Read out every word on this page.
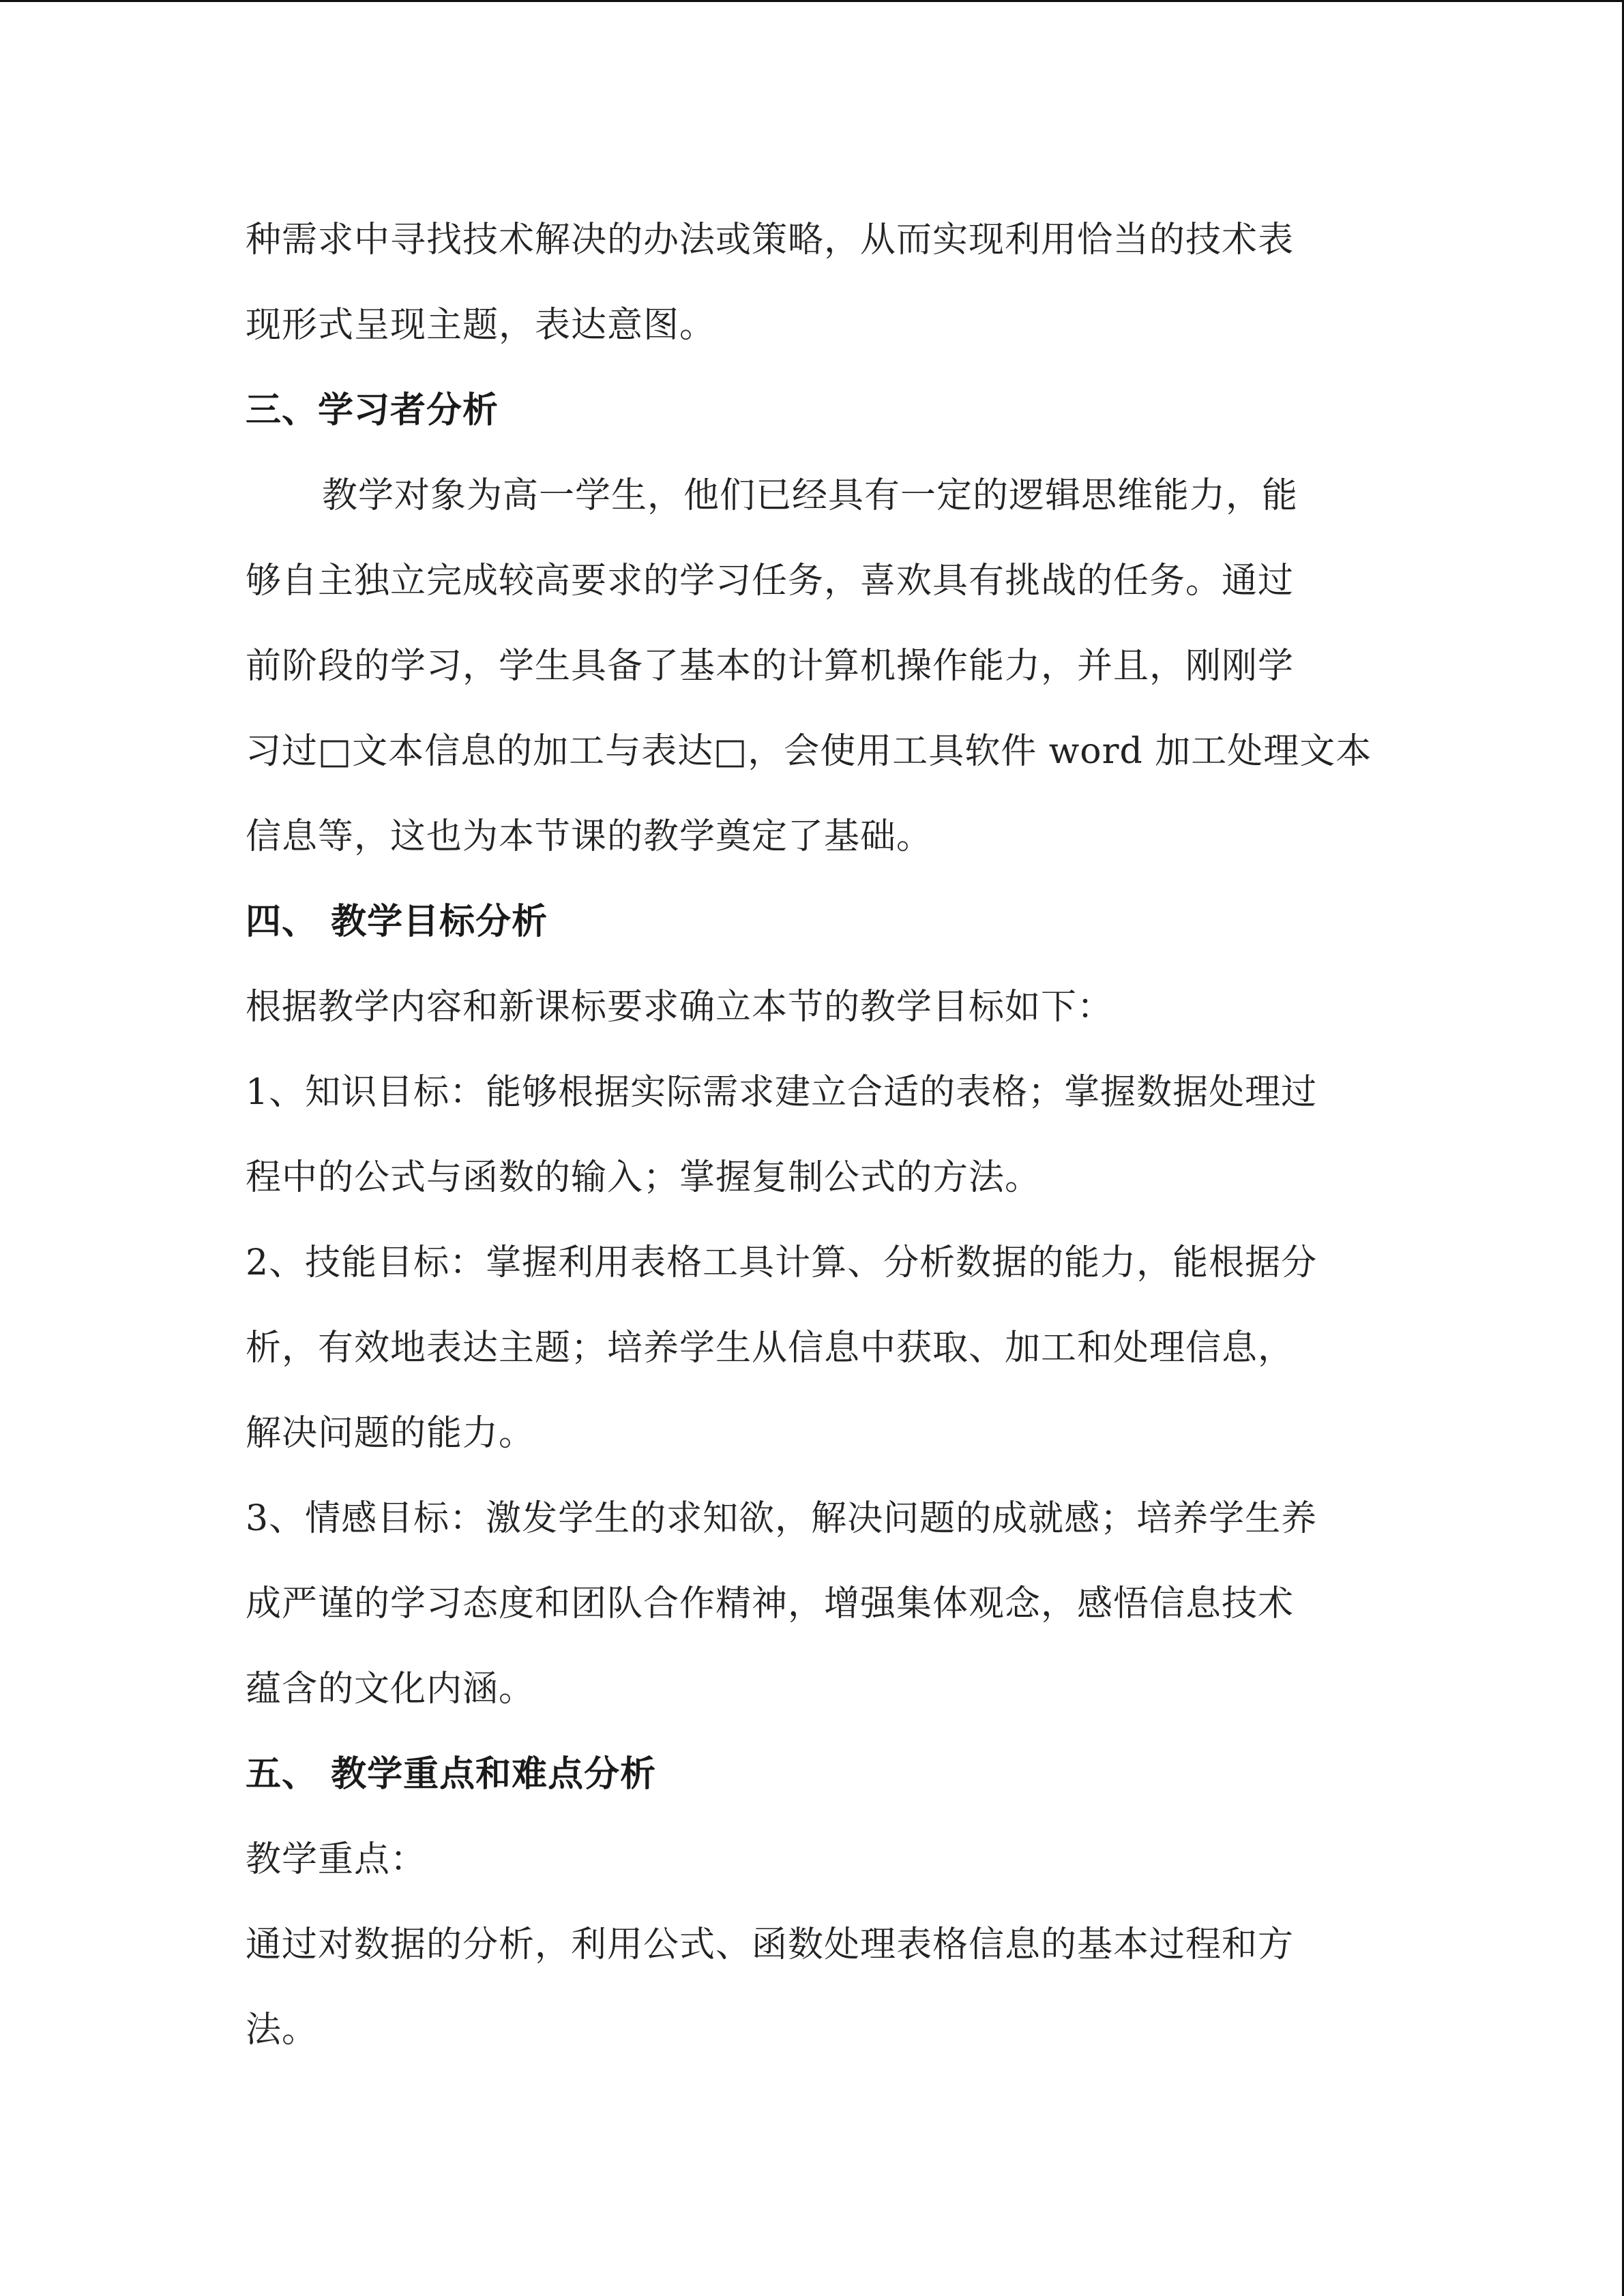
种需求中寻找技术解决的办法或策略，从而实现利用恰当的技术表
现形式呈现主题，表达意图。
三、学习者分析
教学对象为高一学生，他们已经具有一定的逻辑思维能力，能
够自主独立完成较高要求的学习任务，喜欢具有挑战的任务。通过
前阶段的学习，学生具备了基本的计算机操作能力，并且，刚刚学
习过□文本信息的加工与表达□，会使用工具软件 word 加工处理文本
信息等，这也为本节课的教学奠定了基础。
四、 教学目标分析
根据教学内容和新课标要求确立本节的教学目标如下：
1、知识目标：能够根据实际需求建立合适的表格；掌握数据处理过
程中的公式与函数的输入；掌握复制公式的方法。
2、技能目标：掌握利用表格工具计算、分析数据的能力，能根据分
析，有效地表达主题；培养学生从信息中获取、加工和处理信息，
解决问题的能力。
3、情感目标：激发学生的求知欲，解决问题的成就感；培养学生养
成严谨的学习态度和团队合作精神，增强集体观念，感悟信息技术
蕴含的文化内涵。
五、 教学重点和难点分析
教学重点：
通过对数据的分析，利用公式、函数处理表格信息的基本过程和方
法。
